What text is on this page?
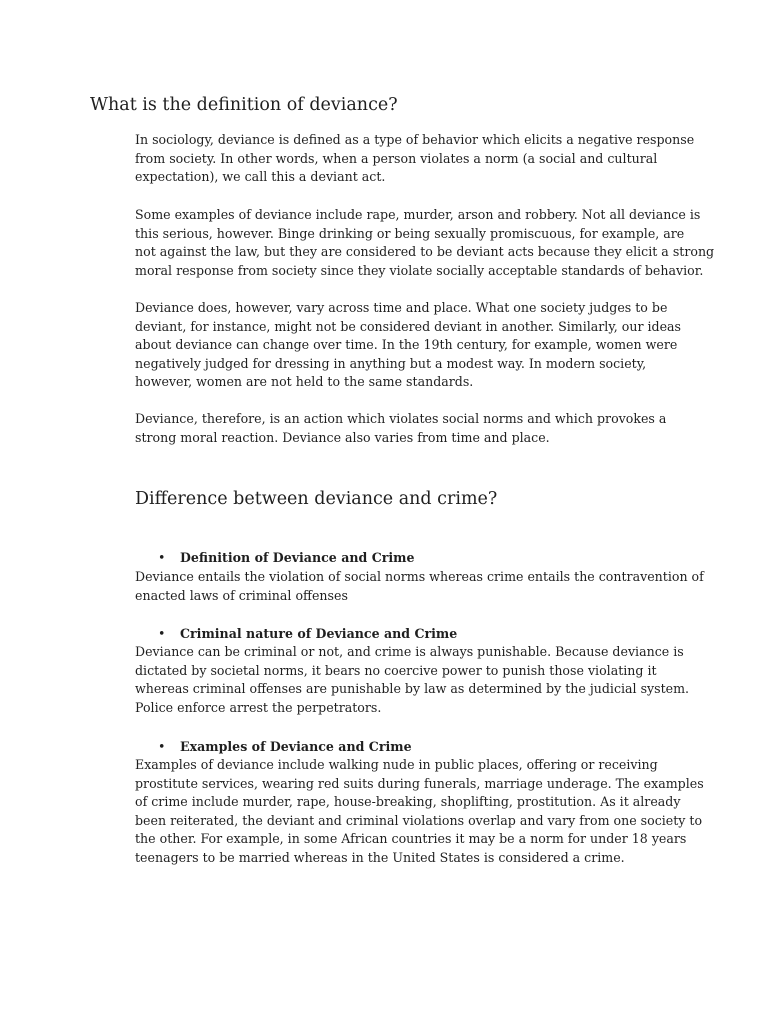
What is the definition of deviance?

In sociology, deviance is defined as a type of behavior which elicits a negative response
from society. In other words, when a person violates a norm (a social and cultural
expectation), we call this a deviant act.

Some examples of deviance include rape, murder, arson and robbery. Not all deviance is
this serious, however. Binge drinking or being sexually promiscuous, for example, are
not against the law, but they are considered to be deviant acts because they elicit a strong
moral response from society since they violate socially acceptable standards of behavior.

Deviance does, however, vary across time and place. What one society judges to be
deviant, for instance, might not be considered deviant in another. Similarly, our ideas
about deviance can change over time. In the 19th century, for example, women were
negatively judged for dressing in anything but a modest way. In modern society,
however, women are not held to the same standards.

Deviance, therefore, is an action which violates social norms and which provokes a
strong moral reaction. Deviance also varies from time and place.

Difference between deviance and crime?
• Definition of Deviance and Crime

Deviance entails the violation of social norms whereas crime entails the contravention of
enacted laws of criminal offenses

• Criminal nature of Deviance and Crime

Deviance can be criminal or not, and crime is always punishable. Because deviance is
dictated by societal norms, it bears no coercive power to punish those violating it
whereas criminal offenses are punishable by law as determined by the judicial system.
Police enforce arrest the perpetrators.

• Examples of Deviance and Crime

Examples of deviance include walking nude in public places, offering or receiving
prostitute services, wearing red suits during funerals, marriage underage. The examples
of crime include murder, rape, house-breaking, shoplifting, prostitution. As it already
been reiterated, the deviant and criminal violations overlap and vary from one society to
the other. For example, in some African countries it may be a norm for under 18 years
teenagers to be married whereas in the United States is considered a crime.
